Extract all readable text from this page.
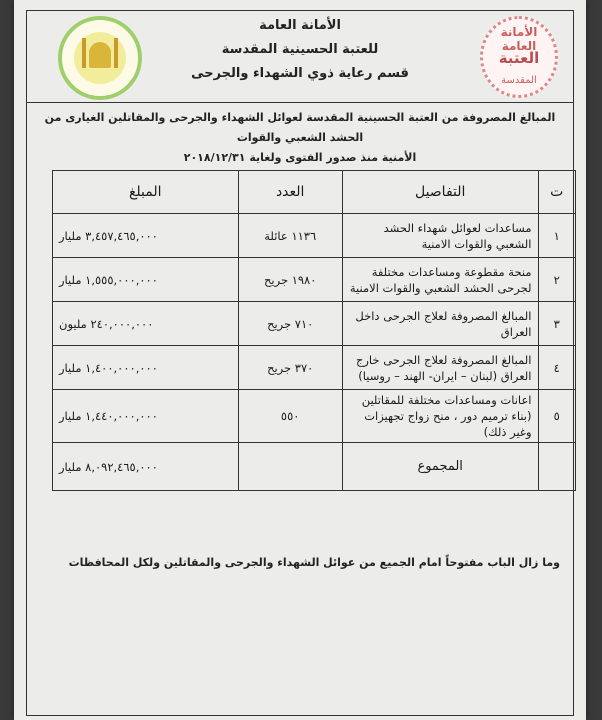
الأمانة العامة
للعتبة الحسينية المقدسة
قسم رعاية ذوي الشهداء والجرحى
الأمانة العامة
العتبة
المقدسة
المبالغ المصروفة من العتبة الحسينية المقدسة لعوائل الشهداء والجرحى والمقاتلين الغيارى من الحشد الشعبي والقوات
الأمنية منذ صدور الفتوى ولغاية ٢٠١٨/١٢/٣١
ت	التفاصيل	العدد	المبلغ
١	مساعدات لعوائل شهداء الحشد الشعبي والقوات الامنية	١١٣٦ عائلة	٣,٤٥٧,٤٦٥,٠٠٠ مليار
٢	منحة مقطوعة ومساعدات مختلفة لجرحى الحشد الشعبي والقوات الامنية	١٩٨٠ جريح	١,٥٥٥,٠٠٠,٠٠٠ مليار
٣	المبالغ المصروفة لعلاج الجرحى داخل العراق	٧١٠ جريح	٢٤٠,٠٠٠,٠٠٠ مليون
٤	المبالغ المصروفة لعلاج الجرحى خارج العراق (لبنان – ايران- الهند – روسيا)	٣٧٠ جريح	١,٤٠٠,٠٠٠,٠٠٠ مليار
٥	اعانات ومساعدات مختلفة للمقاتلين (بناء ترميم دور ، منح زواج تجهيزات وغير ذلك)	٥٥٠	١,٤٤٠,٠٠٠,٠٠٠ مليار
	المجموع		٨,٠٩٢,٤٦٥,٠٠٠ مليار
وما زال الباب مفتوحاً امام الجميع من عوائل الشهداء والجرحى والمقاتلين ولكل المحافظات
